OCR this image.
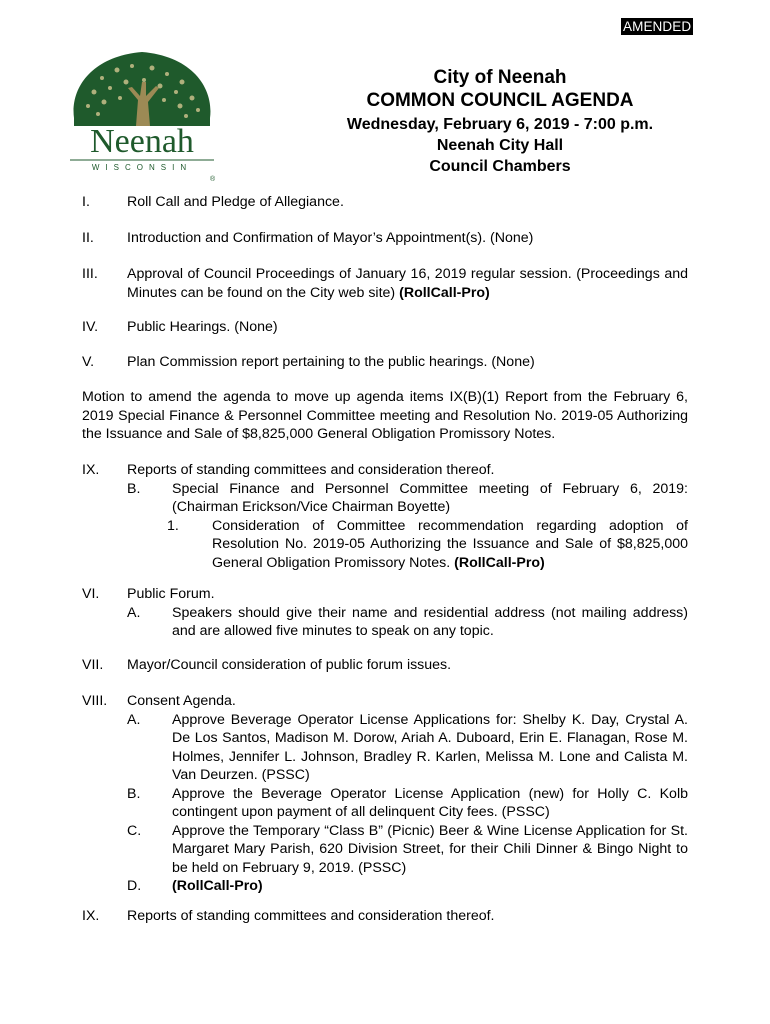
AMENDED
Neenah
WISCONSIN
®
City of Neenah
COMMON COUNCIL AGENDA
Wednesday, February 6, 2019 - 7:00 p.m.
Neenah City Hall
Council Chambers
I.	Roll Call and Pledge of Allegiance.
II. Introduction and Confirmation of Mayor’s Appointment(s). (None)
III. Approval of Council Proceedings of January 16, 2019 regular session. (Proceedings and Minutes can be found on the City web site) (RollCall-Pro)
IV. Public Hearings. (None)
V. Plan Commission report pertaining to the public hearings. (None)
Motion to amend the agenda to move up agenda items IX(B)(1) Report from the February 6, 2019 Special Finance & Personnel Committee meeting and Resolution No. 2019-05 Authorizing the Issuance and Sale of $8,825,000 General Obligation Promissory Notes.
IX. Reports of standing committees and consideration thereof.
B. Special Finance and Personnel Committee meeting of February 6, 2019: (Chairman Erickson/Vice Chairman Boyette)
1. Consideration of Committee recommendation regarding adoption of Resolution No. 2019-05 Authorizing the Issuance and Sale of $8,825,000 General Obligation Promissory Notes. (RollCall-Pro)
VI. Public Forum.
A. Speakers should give their name and residential address (not mailing address) and are allowed five minutes to speak on any topic.
VII. Mayor/Council consideration of public forum issues.
VIII. Consent Agenda.
A. Approve Beverage Operator License Applications for: Shelby K. Day, Crystal A. De Los Santos, Madison M. Dorow, Ariah A. Duboard, Erin E. Flanagan, Rose M. Holmes, Jennifer L. Johnson, Bradley R. Karlen, Melissa M. Lone and Calista M. Van Deurzen. (PSSC)
B. Approve the Beverage Operator License Application (new) for Holly C. Kolb contingent upon payment of all delinquent City fees. (PSSC)
C. Approve the Temporary “Class B” (Picnic) Beer & Wine License Application for St. Margaret Mary Parish, 620 Division Street, for their Chili Dinner & Bingo Night to be held on February 9, 2019. (PSSC)
D. (RollCall-Pro)
IX. Reports of standing committees and consideration thereof.
